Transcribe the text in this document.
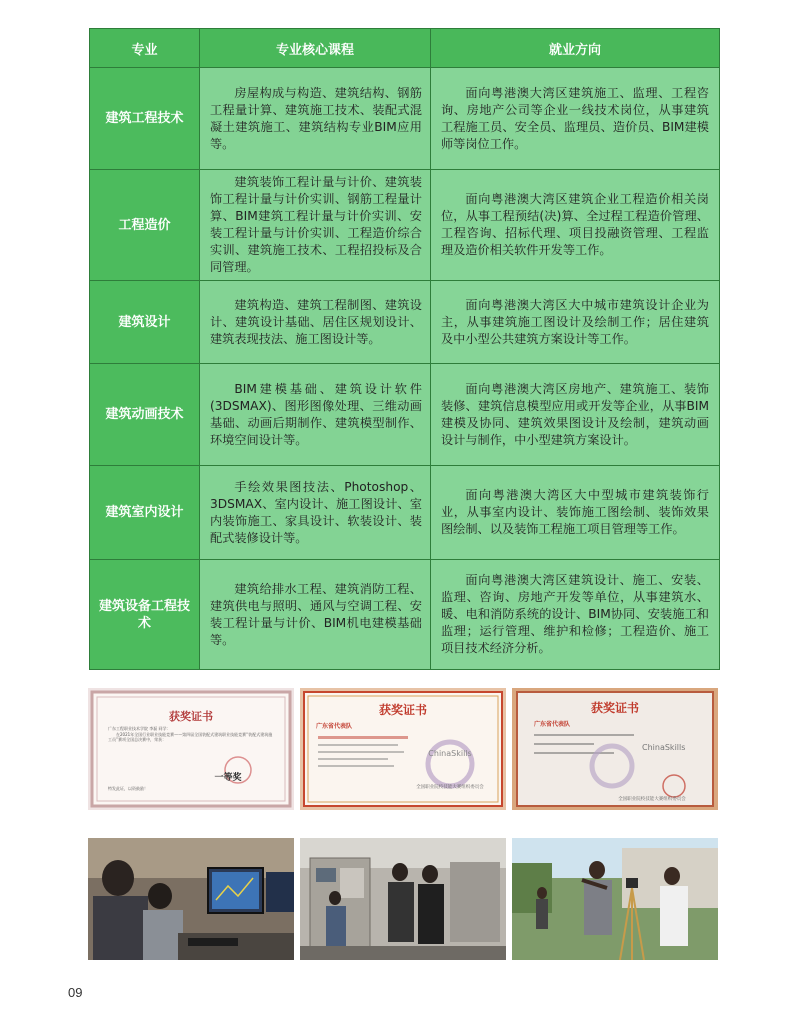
专业	专业核心课程	就业方向
建筑工程技术	房屋构成与构造、建筑结构、钢筋工程量计算、建筑施工技术、装配式混凝土建筑施工、建筑结构专业BIM应用等。	面向粤港澳大湾区建筑施工、监理、工程咨询、房地产公司等企业一线技术岗位，从事建筑工程施工员、安全员、监理员、造价员、BIM建模师等岗位工作。

工程造价	建筑装饰工程计量与计价、建筑装饰工程计量与计价实训、钢筋工程量计算、BIM建筑工程计量与计价实训、安装工程计量与计价实训、工程造价综合实训、建筑施工技术、工程招投标及合同管理。	面向粤港澳大湾区建筑企业工程造价相关岗位，从事工程预结(决)算、全过程工程造价管理、工程咨询、招标代理、项目投融资管理、工程监理及造价相关软件开发等工作。

建筑设计	建筑构造、建筑工程制图、建筑设计、建筑设计基础、居住区规划设计、建筑表现技法、施工图设计等。	面向粤港澳大湾区大中城市建筑设计企业为主，从事建筑施工图设计及绘制工作；居住建筑及中小型公共建筑方案设计等工作。

建筑动画技术	BIM建模基础、建筑设计软件(3DSMAX)、图形图像处理、三维动画基础、动画后期制作、建筑模型制作、环境空间设计等。	面向粤港澳大湾区房地产、建筑施工、装饰装修、建筑信息模型应用或开发等企业，从事BIM建模及协同、建筑效果图设计及绘制，建筑动画设计与制作，中小型建筑方案设计。

建筑室内设计	手绘效果图技法、Photoshop、3DSMAX、室内设计、施工图设计、室内装饰施工、家具设计、软装设计、装配式装修设计等。	面向粤港澳大湾区大中型城市建筑装饰行业，从事室内设计、装饰施工图绘制、装饰效果图绘制、以及装饰工程施工项目管理等工作。

建筑设备工程技术	建筑给排水工程、建筑消防工程、建筑供电与照明、通风与空调工程、安装工程计量与计价、BIM机电建模基础等。	面向粤港澳大湾区建筑设计、施工、安装、监理、咨询、房地产开发等单位，从事建筑水、暖、电和消防系统的设计、BIM协同、安装施工和监理；运行管理、维护和检修；工程造价、施工项目技术经济分析。
获奖证书
广东工程职业技术学院 李磊 同学：
在2021年全国行业职业技能竞赛——第四届全国装配式建筑职业技能竞赛“装配式建筑施工员”赛项全国总决赛中，荣获：
一等奖
特发此证，以资鼓励！
获奖证书
广东省代表队
ChinaSkills
全国职业院校技能大赛组织委员会
获奖证书
广东省代表队
ChinaSkills
全国职业院校技能大赛组织委员会
09
